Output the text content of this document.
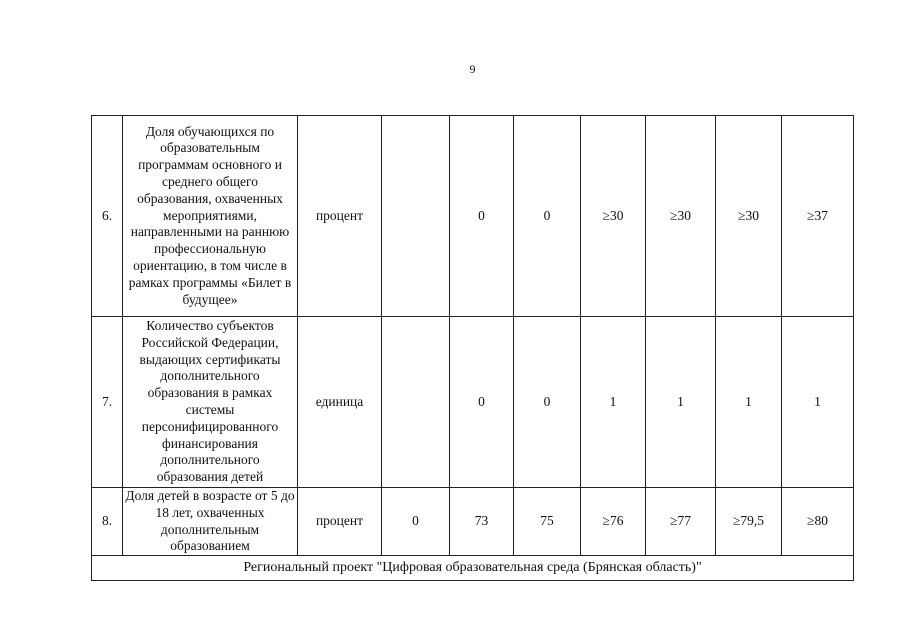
9
6.	Доля обучающихся по образовательным программам основного и среднего общего образования, охваченных мероприятиями, направленными на раннюю профессиональную ориентацию, в том числе в рамках программы «Билет в будущее»	процент		0	0	≥30	≥30	≥30	≥37
7.	Количество субъектов Российской Федерации, выдающих сертификаты дополнительного образования в рамках системы персонифицированного финансирования дополнительного образования детей	единица		0	0	1	1	1	1
8.	Доля детей в возрасте от 5 до 18 лет, охваченных дополнительным образованием	процент	0	73	75	≥76	≥77	≥79,5	≥80
Региональный проект "Цифровая образовательная среда (Брянская область)"									
